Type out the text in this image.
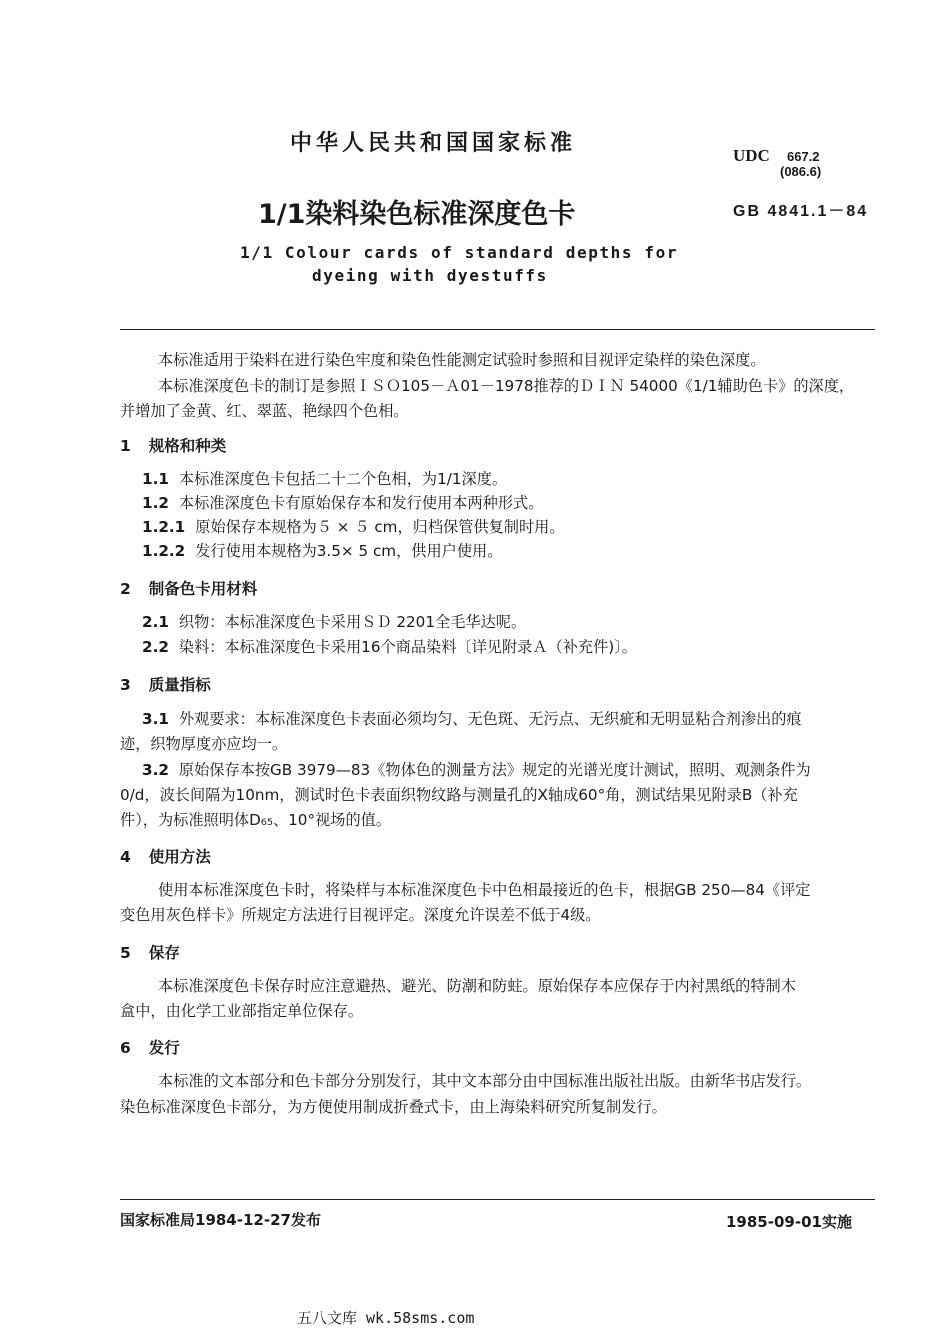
中华人民共和国国家标准	UDC 667.2
(086.6)
1/1染料染色标准深度色卡	GB 4841.1－84
1/1 Colour cards of standard depths for
dyeing with dyestuffs
本标准适用于染料在进行染色牢度和染色性能测定试验时参照和目视评定染样的染色深度。
本标准深度色卡的制订是参照ＩＳＯ105－Ａ01－1978推荐的ＤＩＮ 54000《1/1辅助色卡》的深度，
并增加了金黄、红、翠蓝、艳绿四个色相。
1 规格和种类
1.1 本标准深度色卡包括二十二个色相，为1/1深度。
1.2 本标准深度色卡有原始保存本和发行使用本两种形式。
1.2.1 原始保存本规格为５ × ５ cm，归档保管供复制时用。
1.2.2 发行使用本规格为3.5× 5 cm，供用户使用。
2 制备色卡用材料
2.1 织物：本标准深度色卡采用ＳＤ 2201全毛华达呢。
2.2 染料：本标准深度色卡采用16个商品染料〔详见附录Ａ（补充件)〕。
3 质量指标
3.1 外观要求：本标准深度色卡表面必须均匀、无色斑、无污点、无织疵和无明显粘合剂渗出的痕
迹，织物厚度亦应均一。
3.2 原始保存本按GB 3979—83《物体色的测量方法》规定的光谱光度计测试，照明、观测条件为
0/d，波长间隔为10nm，测试时色卡表面织物纹路与测量孔的X轴成60°角，测试结果见附录B（补充
件），为标准照明体D₆₅、10°视场的值。
4 使用方法
使用本标准深度色卡时，将染样与本标准深度色卡中色相最接近的色卡，根据GB 250—84《评定
变色用灰色样卡》所规定方法进行目视评定。深度允许误差不低于4级。
5 保存
本标准深度色卡保存时应注意避热、避光、防潮和防蛀。原始保存本应保存于内衬黑纸的特制木
盒中，由化学工业部指定单位保存。
6 发行
本标准的文本部分和色卡部分分别发行，其中文本部分由中国标准出版社出版。由新华书店发行。
染色标准深度色卡部分，为方便使用制成折叠式卡，由上海染料研究所复制发行。
国家标准局1984-12-27发布	1985-09-01实施
五八文库 wk.58sms.com
